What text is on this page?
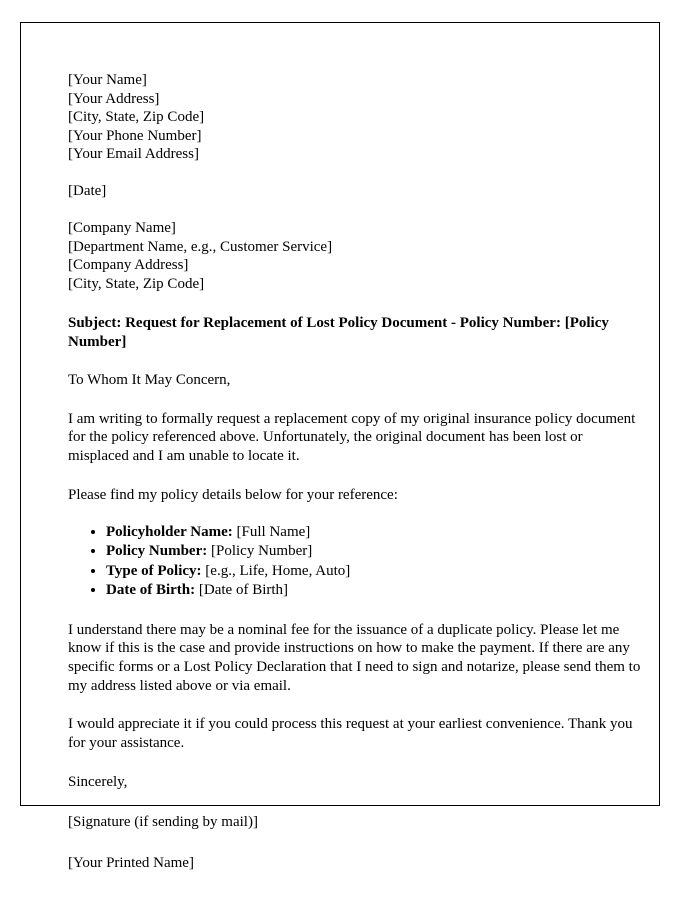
[Your Name]
[Your Address]
[City, State, Zip Code]
[Your Phone Number]
[Your Email Address]
[Date]
[Company Name]
[Department Name, e.g., Customer Service]
[Company Address]
[City, State, Zip Code]
Subject: Request for Replacement of Lost Policy Document - Policy Number: [Policy Number]
To Whom It May Concern,
I am writing to formally request a replacement copy of my original insurance policy document for the policy referenced above. Unfortunately, the original document has been lost or misplaced and I am unable to locate it.
Please find my policy details below for your reference:
• Policyholder Name: [Full Name]
• Policy Number: [Policy Number]
• Type of Policy: [e.g., Life, Home, Auto]
• Date of Birth: [Date of Birth]
I understand there may be a nominal fee for the issuance of a duplicate policy. Please let me know if this is the case and provide instructions on how to make the payment. If there are any specific forms or a Lost Policy Declaration that I need to sign and notarize, please send them to my address listed above or via email.
I would appreciate it if you could process this request at your earliest convenience. Thank you for your assistance.
Sincerely,
[Signature (if sending by mail)]
[Your Printed Name]
